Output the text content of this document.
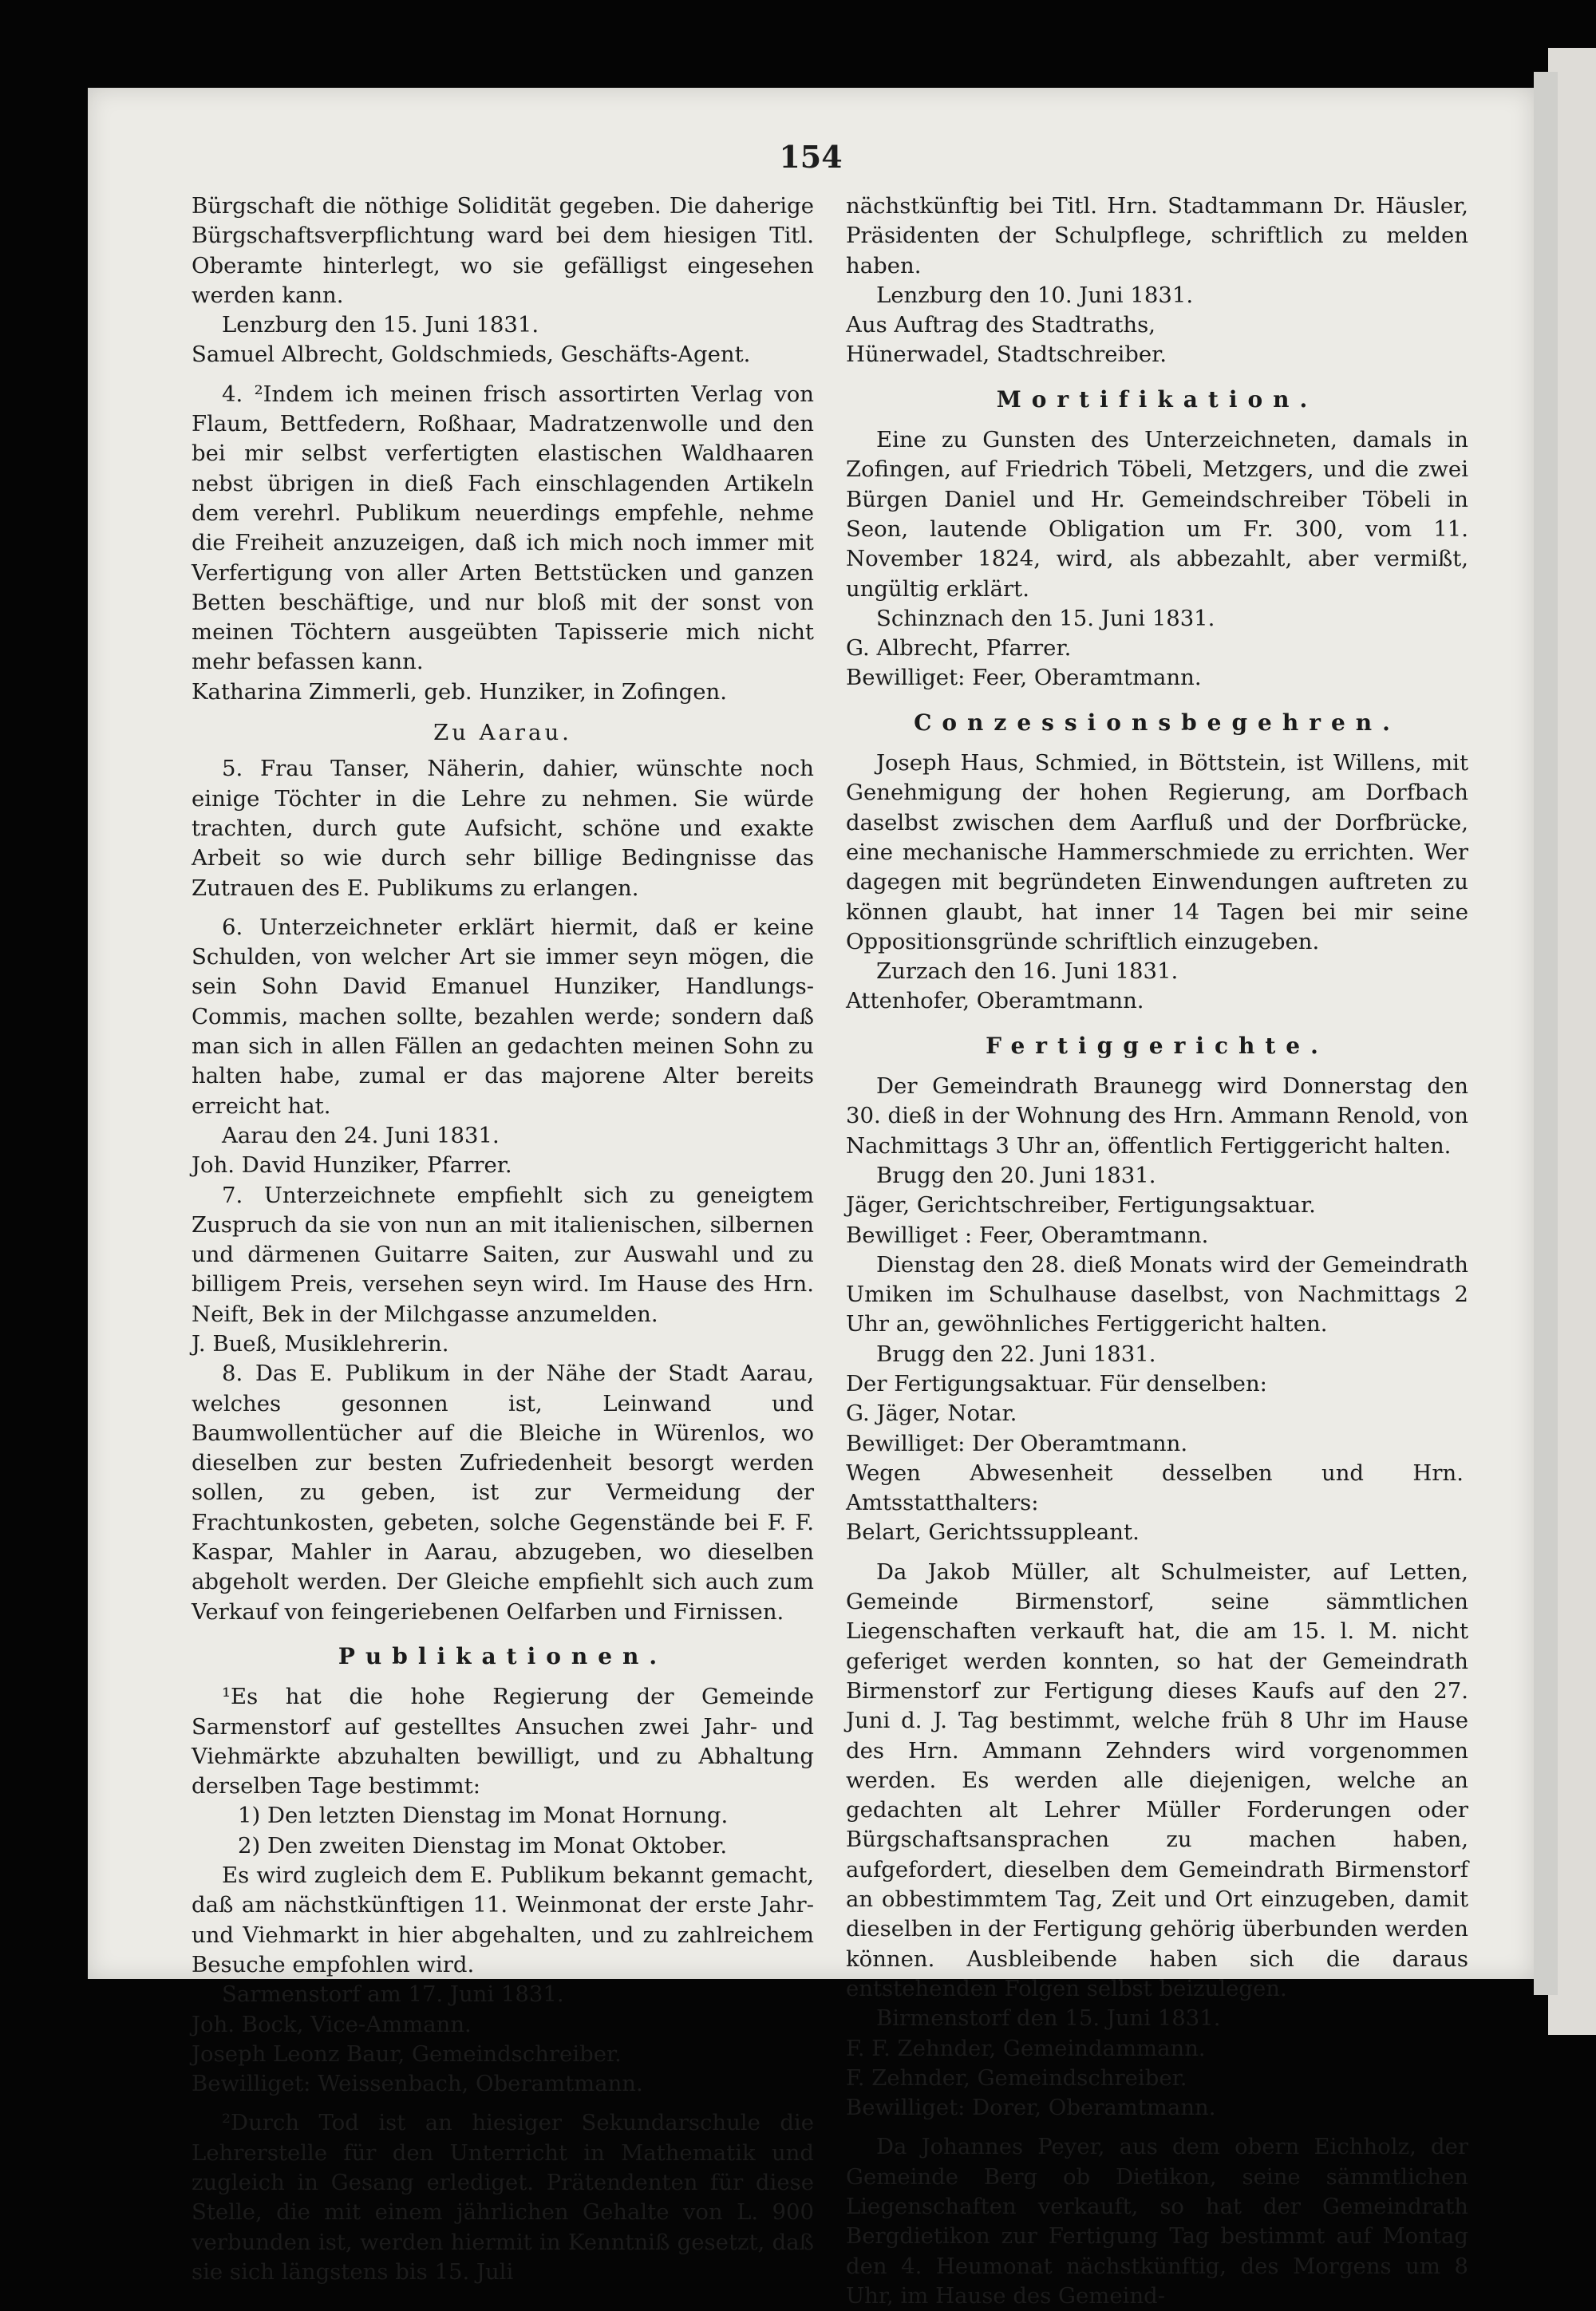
154

Bürgschaft die nöthige Solidität gegeben. Die daherige Bürgschaftsverpflichtung ward bei dem hiesigen Titl. Oberamte hinterlegt, wo sie gefälligst eingesehen werden kann.

Lenzburg den 15. Juni 1831.

Samuel Albrecht, Goldschmieds, Geschäfts-Agent.

4. ²Indem ich meinen frisch assortirten Verlag von Flaum, Bettfedern, Roßhaar, Madratzenwolle und den bei mir selbst verfertigten elastischen Waldhaaren nebst übrigen in dieß Fach einschlagenden Artikeln dem verehrl. Publikum neuerdings empfehle, nehme die Freiheit anzuzeigen, daß ich mich noch immer mit Verfertigung von aller Arten Bettstücken und ganzen Betten beschäftige, und nur bloß mit der sonst von meinen Töchtern ausgeübten Tapisserie mich nicht mehr befassen kann.

Katharina Zimmerli, geb. Hunziker, in Zofingen.

Zu Aarau.

5. Frau Tanser, Näherin, dahier, wünschte noch einige Töchter in die Lehre zu nehmen. Sie würde trachten, durch gute Aufsicht, schöne und exakte Arbeit so wie durch sehr billige Bedingnisse das Zutrauen des E. Publikums zu erlangen.

6. Unterzeichneter erklärt hiermit, daß er keine Schulden, von welcher Art sie immer seyn mögen, die sein Sohn David Emanuel Hunziker, Handlungs-Commis, machen sollte, bezahlen werde; sondern daß man sich in allen Fällen an gedachten meinen Sohn zu halten habe, zumal er das majorene Alter bereits erreicht hat.

Aarau den 24. Juni 1831.

Joh. David Hunziker, Pfarrer.

7. Unterzeichnete empfiehlt sich zu geneigtem Zuspruch da sie von nun an mit italienischen, silbernen und därmenen Guitarre Saiten, zur Auswahl und zu billigem Preis, versehen seyn wird. Im Hause des Hrn. Neift, Bek in der Milchgasse anzumelden.

J. Bueß, Musiklehrerin.

8. Das E. Publikum in der Nähe der Stadt Aarau, welches gesonnen ist, Leinwand und Baumwollentücher auf die Bleiche in Würenlos, wo dieselben zur besten Zufriedenheit besorgt werden sollen, zu geben, ist zur Vermeidung der Frachtunkosten, gebeten, solche Gegenstände bei F. F. Kaspar, Mahler in Aarau, abzugeben, wo dieselben abgeholt werden. Der Gleiche empfiehlt sich auch zum Verkauf von feingeriebenen Oelfarben und Firnissen.

Publikationen.

¹Es hat die hohe Regierung der Gemeinde Sarmenstorf auf gestelltes Ansuchen zwei Jahr- und Viehmärkte abzuhalten bewilligt, und zu Abhaltung derselben Tage bestimmt:

1) Den letzten Dienstag im Monat Hornung.

2) Den zweiten Dienstag im Monat Oktober.

Es wird zugleich dem E. Publikum bekannt gemacht, daß am nächstkünftigen 11. Weinmonat der erste Jahr- und Viehmarkt in hier abgehalten, und zu zahlreichem Besuche empfohlen wird.

Sarmenstorf am 17. Juni 1831.

Joh. Bock, Vice-Ammann.

Joseph Leonz Baur, Gemeindschreiber.

Bewilliget: Weissenbach, Oberamtmann.

²Durch Tod ist an hiesiger Sekundarschule die Lehrerstelle für den Unterricht in Mathematik und zugleich in Gesang erlediget. Prätendenten für diese Stelle, die mit einem jährlichen Gehalte von L. 900 verbunden ist, werden hiermit in Kenntniß gesetzt, daß sie sich längstens bis 15. Juli

nächstkünftig bei Titl. Hrn. Stadtammann Dr. Häusler, Präsidenten der Schulpflege, schriftlich zu melden haben.

Lenzburg den 10. Juni 1831.

Aus Auftrag des Stadtraths,

Hünerwadel, Stadtschreiber.

Mortifikation.

Eine zu Gunsten des Unterzeichneten, damals in Zofingen, auf Friedrich Töbeli, Metzgers, und die zwei Bürgen Daniel und Hr. Gemeindschreiber Töbeli in Seon, lautende Obligation um Fr. 300, vom 11. November 1824, wird, als abbezahlt, aber vermißt, ungültig erklärt.

Schinznach den 15. Juni 1831.

G. Albrecht, Pfarrer.

Bewilliget: Feer, Oberamtmann.

Conzessionsbegehren.

Joseph Haus, Schmied, in Böttstein, ist Willens, mit Genehmigung der hohen Regierung, am Dorfbach daselbst zwischen dem Aarfluß und der Dorfbrücke, eine mechanische Hammerschmiede zu errichten. Wer dagegen mit begründeten Einwendungen auftreten zu können glaubt, hat inner 14 Tagen bei mir seine Oppositionsgründe schriftlich einzugeben.

Zurzach den 16. Juni 1831.

Attenhofer, Oberamtmann.

Fertiggerichte.

Der Gemeindrath Braunegg wird Donnerstag den 30. dieß in der Wohnung des Hrn. Ammann Renold, von Nachmittags 3 Uhr an, öffentlich Fertiggericht halten.

Brugg den 20. Juni 1831.

Jäger, Gerichtschreiber, Fertigungsaktuar.

Bewilliget : Feer, Oberamtmann.

Dienstag den 28. dieß Monats wird der Gemeindrath Umiken im Schulhause daselbst, von Nachmittags 2 Uhr an, gewöhnliches Fertiggericht halten.

Brugg den 22. Juni 1831.

Der Fertigungsaktuar. Für denselben:

G. Jäger, Notar.

Bewilliget: Der Oberamtmann.

Wegen Abwesenheit desselben und Hrn. Amtsstatthalters:

Belart, Gerichtssuppleant.

Da Jakob Müller, alt Schulmeister, auf Letten, Gemeinde Birmenstorf, seine sämmtlichen Liegenschaften verkauft hat, die am 15. l. M. nicht geferiget werden konnten, so hat der Gemeindrath Birmenstorf zur Fertigung dieses Kaufs auf den 27. Juni d. J. Tag bestimmt, welche früh 8 Uhr im Hause des Hrn. Ammann Zehnders wird vorgenommen werden. Es werden alle diejenigen, welche an gedachten alt Lehrer Müller Forderungen oder Bürgschaftsansprachen zu machen haben, aufgefordert, dieselben dem Gemeindrath Birmenstorf an obbestimmtem Tag, Zeit und Ort einzugeben, damit dieselben in der Fertigung gehörig überbunden werden können. Ausbleibende haben sich die daraus entstehenden Folgen selbst beizulegen.

Birmenstorf den 15. Juni 1831.

F. F. Zehnder, Gemeindammann.

F. Zehnder, Gemeindschreiber.

Bewilliget: Dorer, Oberamtmann.

Da Johannes Peyer, aus dem obern Eichholz, der Gemeinde Berg ob Dietikon, seine sämmtlichen Liegenschaften verkauft, so hat der Gemeindrath Bergdietikon zur Fertigung Tag bestimmt auf Montag den 4. Heumonat nächstkünftig, des Morgens um 8 Uhr, im Hause des Gemeind-
